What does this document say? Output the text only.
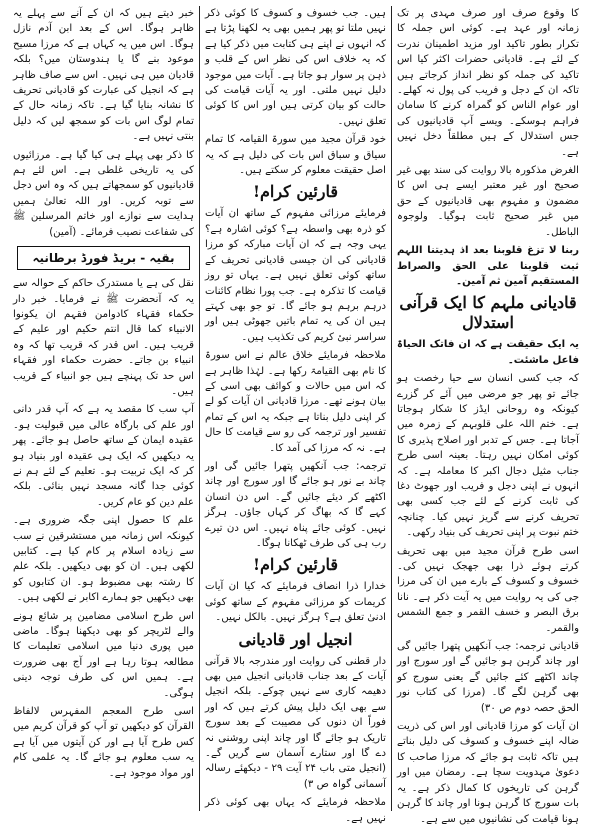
کا وقوع صرف اور صرف مہدی پر تک زمانہ اور عہد ہے۔ کوئی اس جملہ کا تکرار بطور تاکید اور مزید اطمینان ندرت کے لئے ہے۔ قادیانی حضرات اکثر کیا اس تاکید کی جملہ کو نظر انداز کرجاتے ہیں تاکہ ان کے دجل و فریب کی پول نہ کھلے۔ اور عوام الناس کو گمراہ کرنے کا سامان فراہم ہوسکے۔ ویسے آپ قادیانیوں کی جس استدلال کے ہیں مطلقاً دخل نہیں ہے۔

الغرض مذکورہ بالا روایت کی سند بھی غیر صحیح اور غیر معتبر ایسے ہی اس کا مضمون و مفہوم بھی قادیانیوں کے حق میں غیر صحیح ثابت ہوگیا۔ ولوجوہ الباطل۔

ربنا لا تزغ قلوبنا بعد اذ ہدیتنا اللہم ثبت قلوبنا علی الحق والصراط المستقیم آمین ثم آمین۔

قادیانی ملہم کا ایک قرآنی استدلال

یہ ایک حقیقت ہے کہ ان فاتک الحیاۃ فاعل ماشئت۔

کہ جب کسی انسان سے حیا رخصت ہو جائے تو پھر جو مرضی میں آئے کر گزرے کیونکہ وہ روحانی ایڈز کا شکار ہوجاتا ہے۔ ختم اللہ علی قلوبہم کے زمرہ میں آجاتا ہے۔ جس کے تدبر اور اصلاح پذیری کا کوئی امکان نہیں رہتا۔ بعینہ اسی طرح جناب مثیل دجال اکبر کا معاملہ ہے۔ کہ انہوں نے اپنی دجل و فریب اور جھوٹ دغا کی ثابت کرنے کے لئے جب کسی بھی تحریف کرنے سے گریز نہیں کیا۔ چنانچہ ختم نبوت پر اپنی تحریف کی بنیاد رکھی۔

اسی طرح قرآن مجید میں بھی تحریف کرتے ہوئے ذرا بھی جھجک نہیں کی۔ خسوف و کسوف کے بارے میں ان کی مرزا جی کی یہ روایت میں یہ آیت ذکر ہے۔ نانا برق البصر و خسف القمر و جمع الشمس والقمر۔

قادیانی ترجمہ: جب آنکھیں پتھرا جائیں گی اور چاند گرہن ہو جائیں گے اور سورج اور چاند اکٹھے کئے جائیں گے یعنی سورج کو بھی گرہن لگے گا۔ (مرزا کی کتاب نور الحق حصہ دوم ص ۳۰)

ان آیات کو مرزا قادیانی اور اس کی ذریت ضالہ اپنے خسوف و کسوف کی دلیل بناتے ہیں تاکہ ثابت ہو جائے کہ مرزا صاحب کا دعویٰ مہدویت سچا ہے۔ رمضان میں اور گرہن کی تاریخوں کا کمال ذکر ہے۔ یہ بات سورج کا گرہن ہونا اور چاند کا گرہن ہونا قیامت کی نشانیوں میں سے ہے۔

ہیں۔ جب خسوف و کسوف کا کوئی ذکر نہیں ملتا تو پھر ہمیں بھی یہ لکھنا پڑتا ہے کہ انہوں نے اپنے ہی کتابت میں ذکر کیا ہے کہ یہ خلاف اس کی نظر اس کے قلب و ذہن پر سوار ہو جاتا ہے۔ آیات میں موجود دلیل نہیں ملتی۔ اور یہ آیات قیامت کی حالت کو بیان کرتی ہیں اور اس کا کوئی تعلق نہیں۔

خود قرآن مجید میں سورۃ القیامہ کا تمام سیاق و سباق اس بات کی دلیل ہے کہ یہ اصل حقیقت معلوم کر سکتے ہیں۔

قارئین کرام!

فرمایئے مرزائی مفہوم کے ساتھ ان آیات کو ذرہ بھی واسطہ ہے؟ کوئی اشارہ ہے؟ یہی وجہ ہے کہ ان آیات مبارکہ کو مرزا قادیانی کی ان جیسی قادیانی تحریف کے ساتھ کوئی تعلق نہیں ہے۔ یہاں تو روز قیامت کا تذکرہ ہے۔ جب پورا نظام کائنات درہم برہم ہو جائے گا۔ تو جو بھی کہتے ہیں ان کی یہ تمام باتیں جھوٹی ہیں اور سراسر نبیٔ کریم کی تکذیب ہیں۔

ملاحظہ فرمایئے خلاق عالم نے اس سورۃ کا نام بھی القیامۃ رکھا ہے۔ لہٰذا ظاہر ہے کہ اس میں حالات و کوائف بھی اسی کے بیان ہونے تھے۔ مرزا قادیانی ان آیات کو لے کر اپنی دلیل بناتا ہے جبکہ یہ اس کے تمام تفسیر اور ترجمہ کی رو سے قیامت کا حال ہے۔ نہ کہ مرزا کی آمد کا۔

ترجمہ: جب آنکھیں پتھرا جائیں گی اور چاند بے نور ہو جائے گا اور سورج اور چاند اکٹھے کر دیئے جائیں گے۔ اس دن انسان کہے گا کہ بھاگ کر کہاں جاؤں۔ ہرگز نہیں۔ کوئی جائے پناہ نہیں۔ اس دن تیرے رب ہی کی طرف ٹھکانا ہوگا۔

قارئین کرام!

خدارا ذرا انصاف فرمایئے کہ کیا ان آیات کریمات کو مرزائی مفہوم کے ساتھ کوئی ادنیٰ تعلق ہے؟ ہرگز نہیں۔ بالکل نہیں۔

انجیل اور قادیانی

دار قطنی کی روایت اور مندرجہ بالا قرآنی آیات کے بعد جناب قادیانی انجیل میں بھی دھیمہ کاری سے نہیں چوکے۔ بلکہ انجیل سے بھی ایک دلیل پیش کرتے ہیں کہ اور فوراً ان دنوں کی مصیبت کے بعد سورج تاریک ہو جائے گا اور چاند اپنی روشنی نہ دے گا اور ستارے آسمان سے گریں گے۔ (انجیل متی باب ۲۴ آیت ۲۹ - دیکھئے رسالہ آسمانی گواہ ص ۳)

ملاحظہ فرمایئے کہ یہاں بھی کوئی ذکر نہیں ہے۔

خبر دیتے ہیں کہ ان کے آنے سے پہلے یہ ظاہر ہوگا۔ اس کے بعد ابن آدم نازل ہوگا۔ اس میں یہ کہاں ہے کہ مرزا مسیح موعود بنے گا یا ہندوستان میں؟ بلکہ قادیان میں ہی نہیں۔ اس سے صاف ظاہر ہے کہ انجیل کی عبارت کو قادیانی تحریف کا نشانہ بنایا گیا ہے۔ تاکہ زمانہ حال کے تمام لوگ اس بات کو سمجھ لیں کہ دلیل بنتی نہیں ہے۔

کا ذکر بھی پہلے ہی کیا گیا ہے۔ مرزائیوں کی یہ تاریخی غلطی ہے۔ اس لئے ہم قادیانیوں کو سمجھاتے ہیں کہ وہ اس دجل سے توبہ کریں۔ اور اللہ تعالیٰ ہمیں ہدایت سے نوازے اور خاتم المرسلین ﷺ کی شفاعت نصیب فرمائے۔ (آمین)

بقیہ - بریڈ فورڈ برطانیہ

نقل کی ہے یا مستدرک حاکم کے حوالہ سے یہ کہ آنحضرت ﷺ نے فرمایا۔ خبر دار حکماء فقہاء کادوامن فقہم ان یکونوا الانبیاء کما قال انتم حکیم اور علیم کے قریب ہیں۔ اس قدر کہ قریب تھا کہ وہ انبیاء بن جاتے۔ حضرت حکماء اور فقہاء اس حد تک پہنچے ہیں جو انبیاء کے قریب ہیں۔

آپ سب کا مقصد یہ ہے کہ آپ قدر دانی اور علم کی بارگاہ عالی میں قبولیت ہو۔ عقیدہ ایمان کے ساتھ حاصل ہو جائے۔ پھر یہ دیکھیں کہ ایک ہی عقیدہ اور بنیاد ہو کر کہ ایک تربیت ہو۔ تعلیم کے لئے ہم نے کوئی جدا گانہ مسجد نہیں بنائی۔ بلکہ علم دین کو عام کریں۔

علم کا حصول اپنی جگہ ضروری ہے۔ کیونکہ اس زمانہ میں مستشرقین نے سب سے زیادہ اسلام پر کام کیا ہے۔ کتابیں لکھی ہیں۔ ان کو بھی دیکھیں۔ بلکہ علم کا رشتہ بھی مضبوط ہو۔ ان کتابوں کو بھی دیکھیں جو ہمارے اکابر نے لکھی ہیں۔

اس طرح اسلامی مضامین پر شائع ہونے والے لٹریچر کو بھی دیکھنا ہوگا۔ ماضی میں پوری دنیا میں اسلامی تعلیمات کا مطالعہ ہوتا رہا ہے اور آج بھی ضرورت ہے۔ ہمیں اس کی طرف توجہ دینی ہوگی۔

اسی طرح المعجم المفہرس لالفاظ القرآن کو دیکھیں تو آپ کو قرآن کریم میں کس طرح آیا ہے اور کن آیتوں میں آیا ہے یہ سب معلوم ہو جائے گا۔ یہ علمی کام اور مواد موجود ہے۔
